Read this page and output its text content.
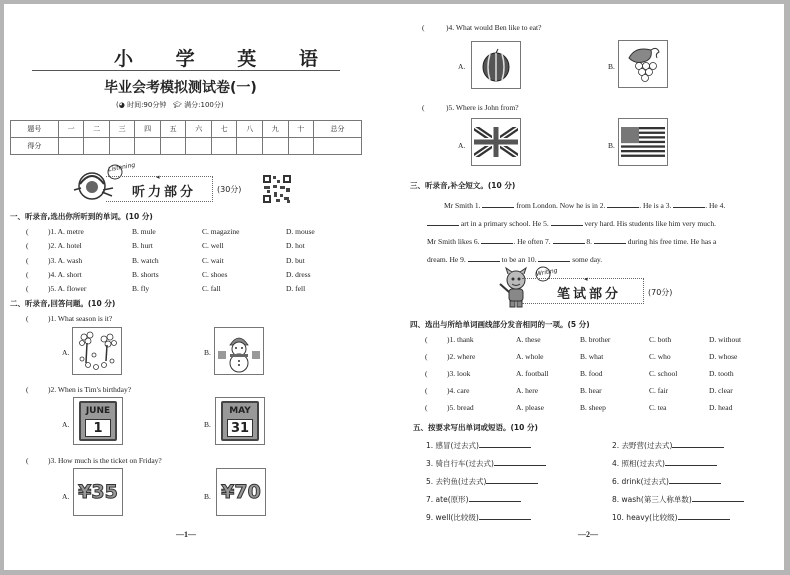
小 学 英 语
毕业会考模拟测试卷(一)
(◕ 时间:90分钟 🎓︎ 满分:100分)
题号	一	二	三	四	五	六	七	八	九	十	总分
得分											
Listening
◂
听力部分	(30分)
一、听录音,选出你所听到的单词。(10 分)
(	)1. A. metre	B. mule	C. magazine	D. mouse
(	)2. A. hotel	B. hurt	C. well	D. hot
(	)3. A. wash	B. watch	C. wait	D. but
(	)4. A. short	B. shorts	C. shoes	D. dress
(	)5. A. flower	B. fly	C. fall	D. fell
二、听录音,回答问题。(10 分)
(	)1. What season is it?
A.	B.
(	)2. When is Tim's birthday?
A.
JUNE
1	B.
MAY
31
(	)3. How much is the ticket on Friday?
A. ¥35	B. ¥70
—1—
(	)4. What would Ben like to eat?
A.	B.
(	)5. Where is John from?
A.	B.
三、听录音,补全短文。(10 分)
Mr Smith 1.	from London. Now he is in 2.	. He is a 3.	. He 4.
art in a primary school. He 5.	very hard. His students like him very much.
Mr Smith likes 6.	. He often 7.	8.	during his free time. He has a
dream. He 9.	to be an 10.	some day.
Writing
◂
笔试部分	(70分)
四、选出与所给单词画线部分发音相同的一项。(5 分)
(	)1. thank	A. these	B. brother	C. both	D. without
(	)2. where	A. whole	B. what	C. who	D. whose
(	)3. look	A. football	B. food	C. school	D. tooth
(	)4. care	A. here	B. hear	C. fair	D. clear
(	)5. bread	A. please	B. sheep	C. tea	D. head
五、按要求写出单词或短语。(10 分)
1. 感冒(过去式)	2. 去野营(过去式)
3. 骑自行车(过去式)	4. 照相(过去式)
5. 去钓鱼(过去式)	6. drink(过去式)
7. ate(原形)	8. wash(第三人称单数)
9. well(比较级)	10. heavy(比较级)
—2—
